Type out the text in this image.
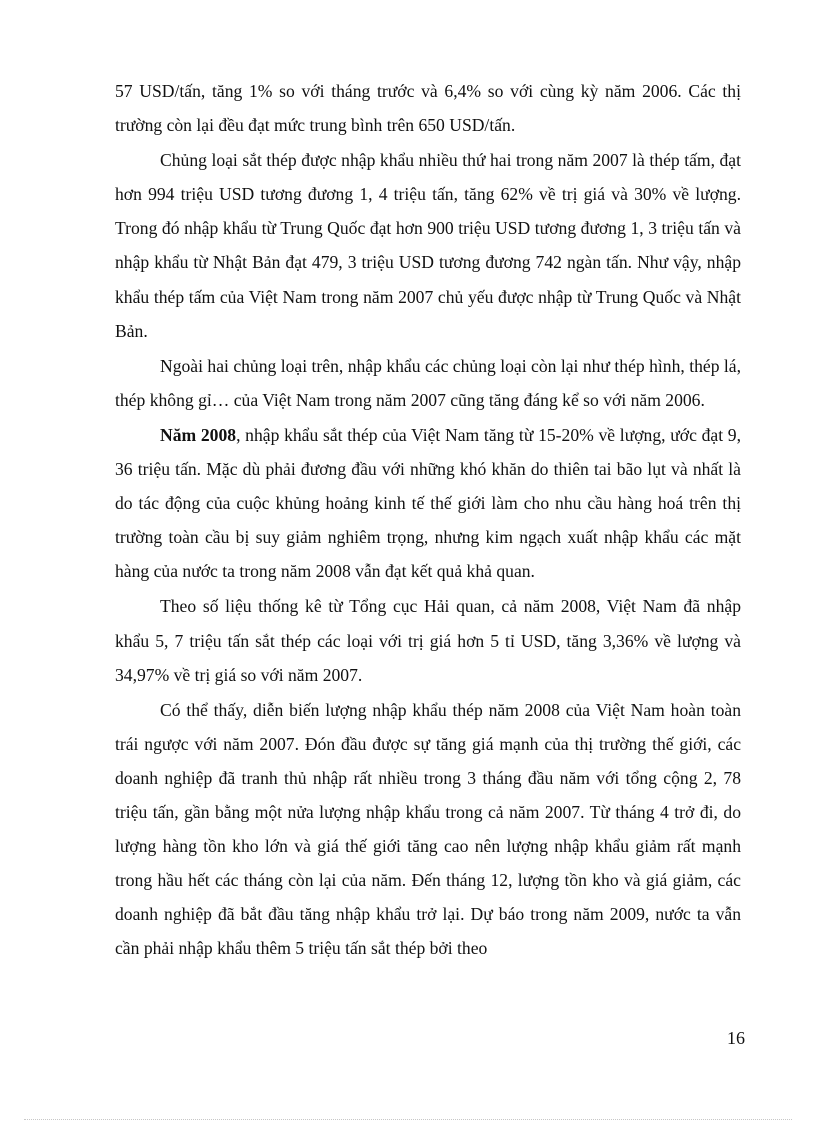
57 USD/tấn, tăng 1% so với tháng trước và 6,4% so với cùng kỳ năm 2006. Các thị trường còn lại đều đạt mức trung bình trên 650 USD/tấn.

Chủng loại sắt thép được nhập khẩu nhiều thứ hai trong năm 2007 là thép tấm, đạt hơn 994 triệu USD tương đương 1, 4 triệu tấn, tăng 62% về trị giá và 30% về lượng. Trong đó nhập khẩu từ Trung Quốc đạt hơn 900 triệu USD tương đương 1, 3 triệu tấn và nhập khẩu từ Nhật Bản đạt 479, 3 triệu USD tương đương 742 ngàn tấn. Như vậy, nhập khẩu thép tấm của Việt Nam trong năm 2007 chủ yếu được nhập từ Trung Quốc và Nhật Bản.

Ngoài hai chủng loại trên, nhập khẩu các chủng loại còn lại như thép hình, thép lá, thép không gỉ… của Việt Nam trong năm 2007 cũng tăng đáng kể so với năm 2006.

Năm 2008, nhập khẩu sắt thép của Việt Nam tăng từ 15-20% về lượng, ước đạt 9, 36 triệu tấn. Mặc dù phải đương đầu với những khó khăn do thiên tai bão lụt và nhất là do tác động của cuộc khủng hoảng kinh tế thế giới làm cho nhu cầu hàng hoá trên thị trường toàn cầu bị suy giảm nghiêm trọng, nhưng kim ngạch xuất nhập khẩu các mặt hàng của nước ta trong năm 2008 vẫn đạt kết quả khả quan.

Theo số liệu thống kê từ Tổng cục Hải quan, cả năm 2008, Việt Nam đã nhập khẩu 5, 7 triệu tấn sắt thép các loại với trị giá hơn 5 tỉ USD, tăng 3,36% về lượng và 34,97% về trị giá so với năm 2007.

Có thể thấy, diễn biến lượng nhập khẩu thép năm 2008 của Việt Nam hoàn toàn trái ngược với năm 2007. Đón đầu được sự tăng giá mạnh của thị trường thế giới, các doanh nghiệp đã tranh thủ nhập rất nhiều trong 3 tháng đầu năm với tổng cộng 2, 78 triệu tấn, gần bằng một nửa lượng nhập khẩu trong cả năm 2007. Từ tháng 4 trở đi, do lượng hàng tồn kho lớn và giá thế giới tăng cao nên lượng nhập khẩu giảm rất mạnh trong hầu hết các tháng còn lại của năm. Đến tháng 12, lượng tồn kho và giá giảm, các doanh nghiệp đã bắt đầu tăng nhập khẩu trở lại. Dự báo trong năm 2009, nước ta vẫn cần phải nhập khẩu thêm 5 triệu tấn sắt thép bởi theo

16
